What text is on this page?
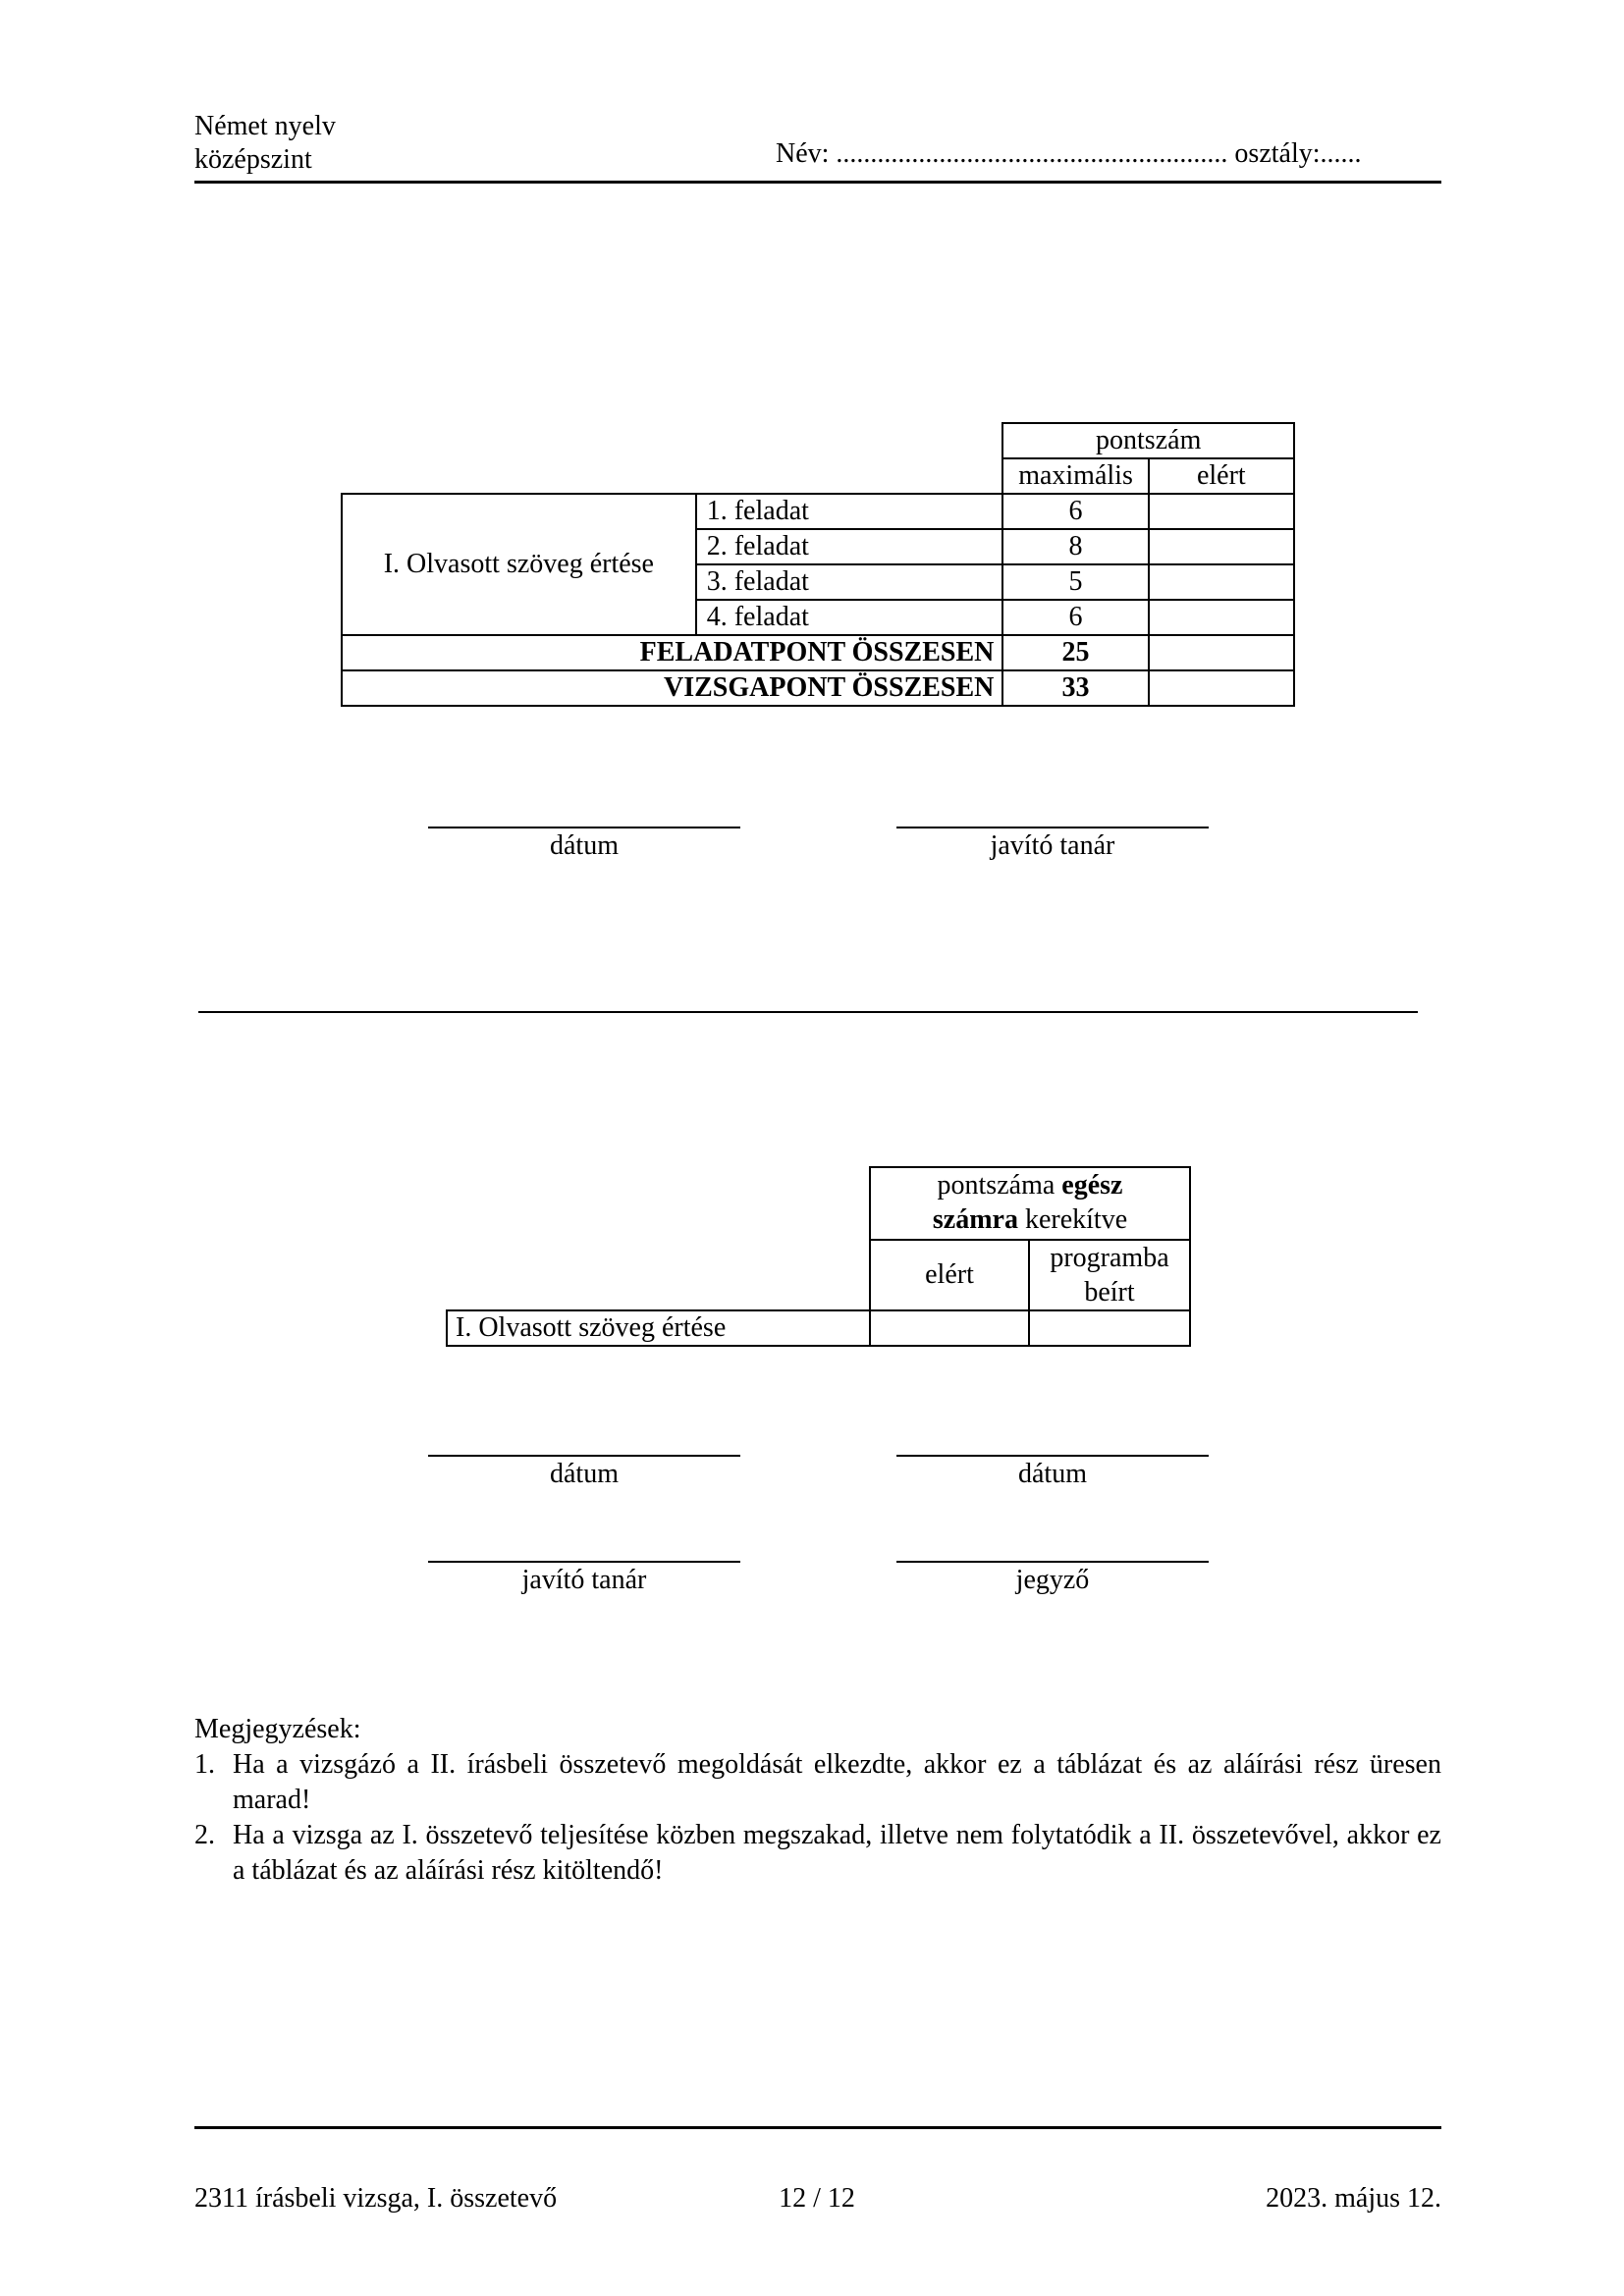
Német nyelv
középszint	Név: ......................................................... osztály:......
		pontszám	
		maximális	elért
I. Olvasott szöveg értése	1. feladat	6	
	2. feladat	8	
	3. feladat	5	
	4. feladat	6	
FELADATPONT ÖSSZESEN		25	
VIZSGAPONT ÖSSZESEN		33	
dátum	javító tanár
	pontszáma egész
számra kerekítve	
	elért	programba
beírt

I. Olvasott szöveg értése		
dátum	dátum
javító tanár	jegyző
Megjegyzések:
1. Ha a vizsgázó a II. írásbeli összetevő megoldását elkezdte, akkor ez a táblázat és az aláírási rész üresen marad!
2. Ha a vizsga az I. összetevő teljesítése közben megszakad, illetve nem folytatódik a II. összetevővel, akkor ez a táblázat és az aláírási rész kitöltendő!
2311 írásbeli vizsga, I. összetevő	12 / 12	2023. május 12.
